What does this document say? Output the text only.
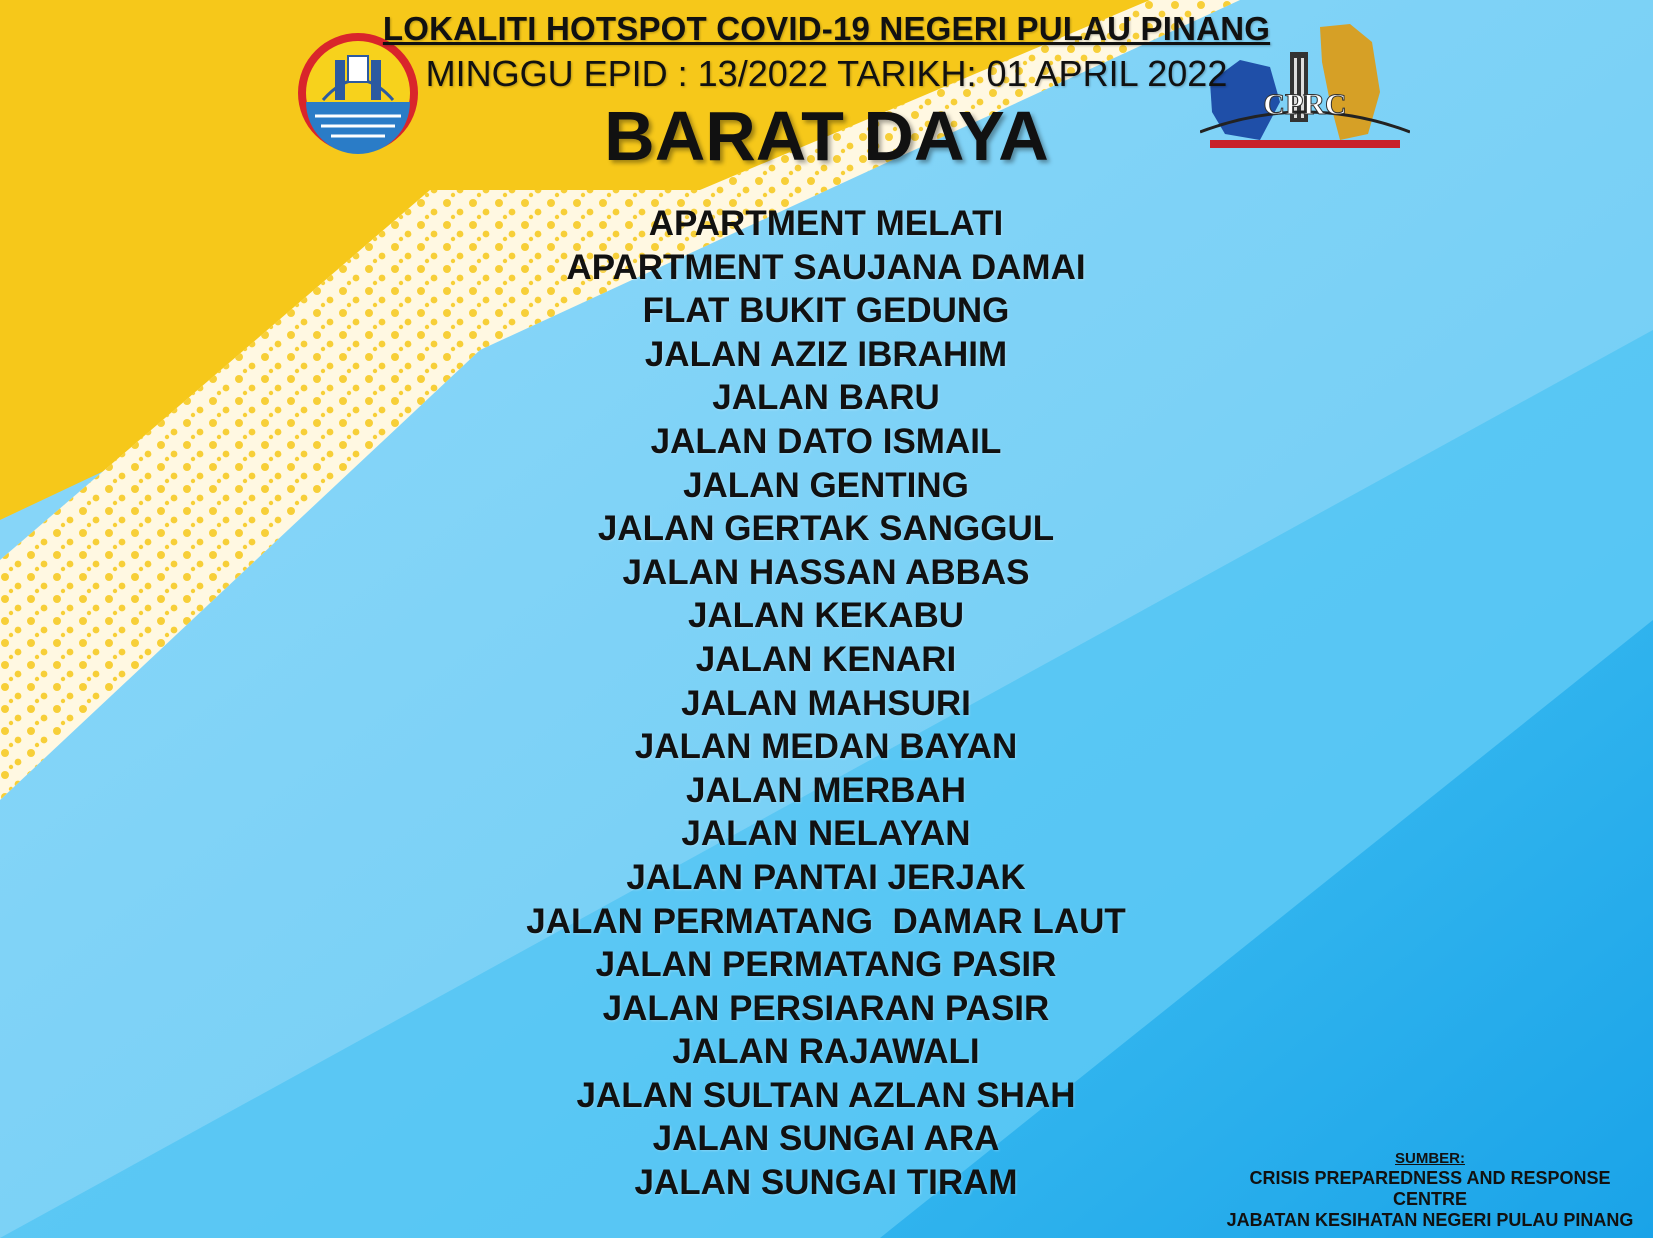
CPRC
LOKALITI HOTSPOT COVID-19 NEGERI PULAU PINANG
MINGGU EPID : 13/2022 TARIKH: 01 APRIL 2022
BARAT DAYA
APARTMENT MELATI
APARTMENT SAUJANA DAMAI
FLAT BUKIT GEDUNG
JALAN AZIZ IBRAHIM
JALAN BARU
JALAN DATO ISMAIL
JALAN GENTING
JALAN GERTAK SANGGUL
JALAN HASSAN ABBAS
JALAN KEKABU
JALAN KENARI
JALAN MAHSURI
JALAN MEDAN BAYAN
JALAN MERBAH
JALAN NELAYAN
JALAN PANTAI JERJAK
JALAN PERMATANG  DAMAR LAUT
JALAN PERMATANG PASIR
JALAN PERSIARAN PASIR
JALAN RAJAWALI
JALAN SULTAN AZLAN SHAH
JALAN SUNGAI ARA
JALAN SUNGAI TIRAM
SUMBER:
CRISIS PREPAREDNESS AND RESPONSE
CENTRE
JABATAN KESIHATAN NEGERI PULAU PINANG
